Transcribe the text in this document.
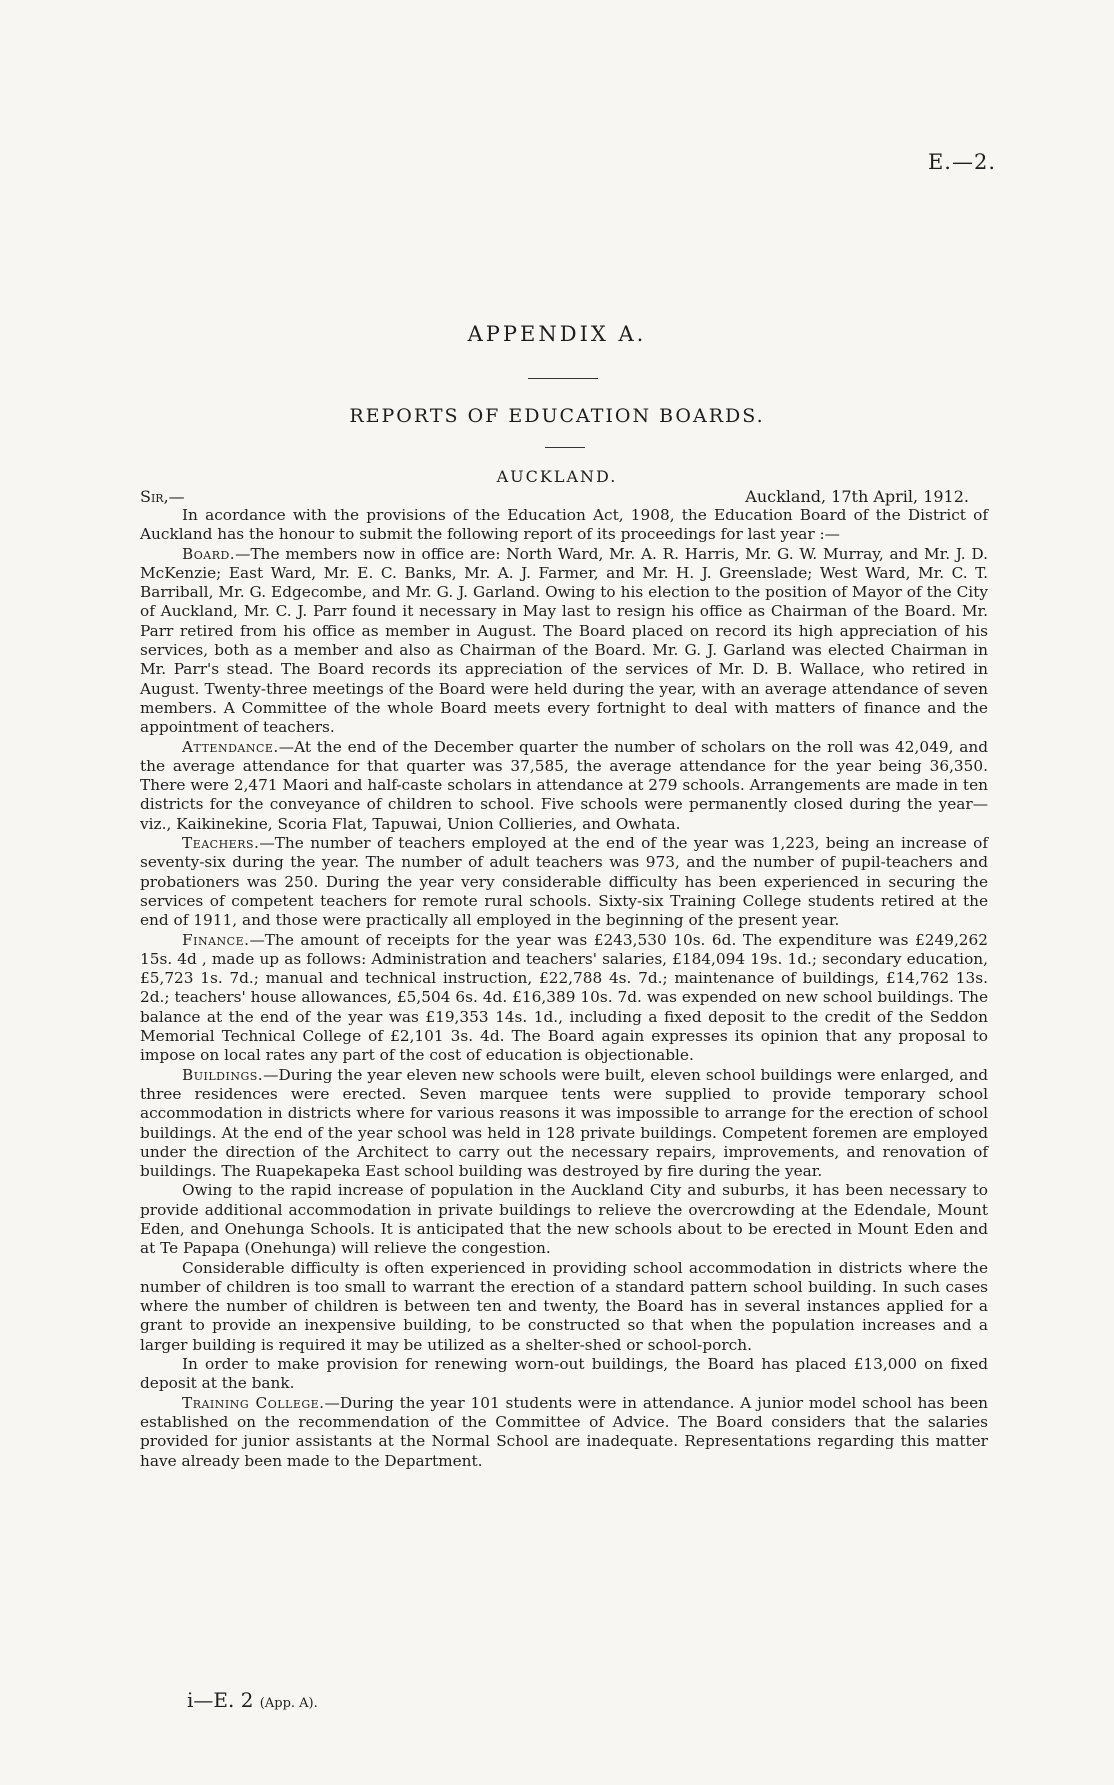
E.—2.
APPENDIX A.
REPORTS OF EDUCATION BOARDS.
AUCKLAND.
Sir,—	Auckland, 17th April, 1912.

In acordance with the provisions of the Education Act, 1908, the Education Board of the District of Auckland has the honour to submit the following report of its proceedings for last year :—

Board.—The members now in office are: North Ward, Mr. A. R. Harris, Mr. G. W. Murray, and Mr. J. D. McKenzie; East Ward, Mr. E. C. Banks, Mr. A. J. Farmer, and Mr. H. J. Greenslade; West Ward, Mr. C. T. Barriball, Mr. G. Edgecombe, and Mr. G. J. Garland. Owing to his election to the position of Mayor of the City of Auckland, Mr. C. J. Parr found it necessary in May last to resign his office as Chairman of the Board. Mr. Parr retired from his office as member in August. The Board placed on record its high appreciation of his services, both as a member and also as Chairman of the Board. Mr. G. J. Garland was elected Chairman in Mr. Parr's stead. The Board records its appreciation of the services of Mr. D. B. Wallace, who retired in August. Twenty-three meetings of the Board were held during the year, with an average attendance of seven members. A Committee of the whole Board meets every fortnight to deal with matters of finance and the appointment of teachers.

Attendance.—At the end of the December quarter the number of scholars on the roll was 42,049, and the average attendance for that quarter was 37,585, the average attendance for the year being 36,350. There were 2,471 Maori and half-caste scholars in attendance at 279 schools. Arrangements are made in ten districts for the conveyance of children to school. Five schools were permanently closed during the year—viz., Kaikinekine, Scoria Flat, Tapuwai, Union Collieries, and Owhata.

Teachers.—The number of teachers employed at the end of the year was 1,223, being an increase of seventy-six during the year. The number of adult teachers was 973, and the number of pupil-teachers and probationers was 250. During the year very considerable difficulty has been experienced in securing the services of competent teachers for remote rural schools. Sixty-six Training College students retired at the end of 1911, and those were practically all employed in the beginning of the present year.

Finance.—The amount of receipts for the year was £243,530 10s. 6d. The expenditure was £249,262 15s. 4d , made up as follows: Administration and teachers' salaries, £184,094 19s. 1d.; secondary education, £5,723 1s. 7d.; manual and technical instruction, £22,788 4s. 7d.; maintenance of buildings, £14,762 13s. 2d.; teachers' house allowances, £5,504 6s. 4d. £16,389 10s. 7d. was expended on new school buildings. The balance at the end of the year was £19,353 14s. 1d., including a fixed deposit to the credit of the Seddon Memorial Technical College of £2,101 3s. 4d. The Board again expresses its opinion that any proposal to impose on local rates any part of the cost of education is objectionable.

Buildings.—During the year eleven new schools were built, eleven school buildings were enlarged, and three residences were erected. Seven marquee tents were supplied to provide temporary school accommodation in districts where for various reasons it was impossible to arrange for the erection of school buildings. At the end of the year school was held in 128 private buildings. Competent foremen are employed under the direction of the Architect to carry out the necessary repairs, improvements, and renovation of buildings. The Ruapekapeka East school building was destroyed by fire during the year.

Owing to the rapid increase of population in the Auckland City and suburbs, it has been necessary to provide additional accommodation in private buildings to relieve the overcrowding at the Edendale, Mount Eden, and Onehunga Schools. It is anticipated that the new schools about to be erected in Mount Eden and at Te Papapa (Onehunga) will relieve the congestion.

Considerable difficulty is often experienced in providing school accommodation in districts where the number of children is too small to warrant the erection of a standard pattern school building. In such cases where the number of children is between ten and twenty, the Board has in several instances applied for a grant to provide an inexpensive building, to be constructed so that when the population increases and a larger building is required it may be utilized as a shelter-shed or school-porch.

In order to make provision for renewing worn-out buildings, the Board has placed £13,000 on fixed deposit at the bank.

Training College.—During the year 101 students were in attendance. A junior model school has been established on the recommendation of the Committee of Advice. The Board considers that the salaries provided for junior assistants at the Normal School are inadequate. Representations regarding this matter have already been made to the Department.

i—E. 2 (App. A).
